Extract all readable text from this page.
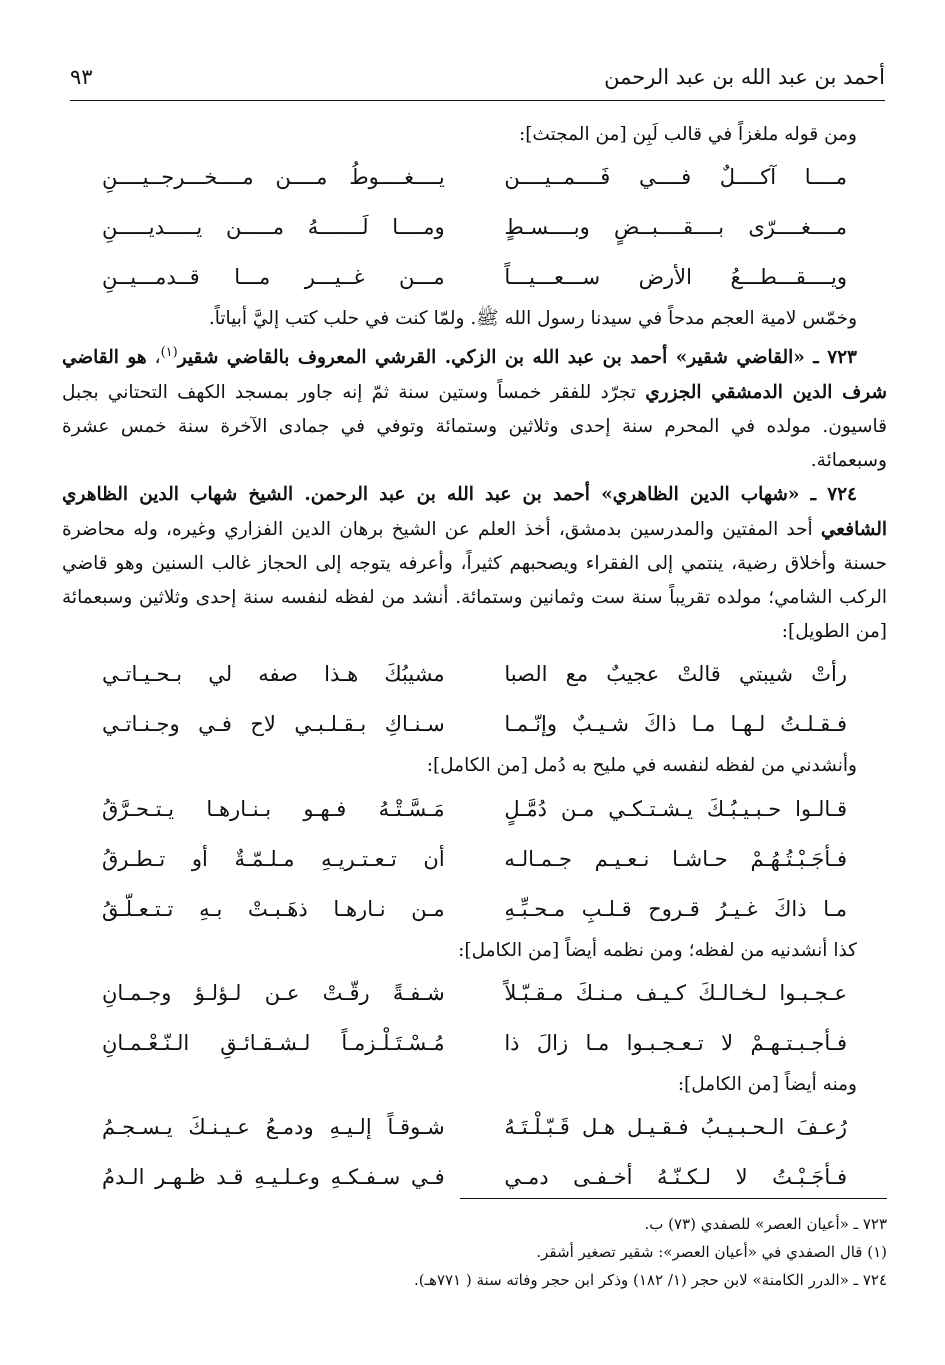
أحمد بن عبد الله بن عبد الرحمن
٩٣

ومن قوله ملغزاً في قالب لَبِن [من المجتث]:

مــــا آكــــلٌ فــــي فَــــمــيــــن
يــــغــــوطُ مــــن مــــخـــرجــيــــنِ
مــــغــــرّى بــــقــــبــضٍ وبــــسـطٍ
ومــــا لَـــــــهُ مـــــن يـــــديـــــنِ
ويــــقـــطـــعُ الأرض ســـعـــيـــاً
مـــن غــيـــر مـــا قــدمـــيــنِ

وخمّس لامية العجم مدحاً في سيدنا رسول الله ﷺ. ولمّا كنت في حلب كتب إليَّ أبياتاً.

٧٢٣ ـ «القاضي شقير» أحمد بن عبد الله بن الزكي. القرشي المعروف بالقاضي شقير$^{(١)}$، هو القاضي شرف الدين الدمشقي الجزري تجرّد للفقر خمساً وستين سنة ثمّ إنه جاور بمسجد الكهف التحتاني بجبل قاسيون. مولده في المحرم سنة إحدى وثلاثين وستمائة وتوفي في جمادى الآخرة سنة خمس عشرة وسبعمائة.

٧٢٤ ـ «شهاب الدين الظاهري» أحمد بن عبد الله بن عبد الرحمن. الشيخ شهاب الدين الظاهري الشافعي أحد المفتين والمدرسين بدمشق، أخذ العلم عن الشيخ برهان الدين الفزاري وغيره، وله محاضرة حسنة وأخلاق رضية، ينتمي إلى الفقراء ويصحبهم كثيراً، وأعرفه يتوجه إلى الحجاز غالب السنين وهو قاضي الركب الشامي؛ مولده تقريباً سنة ست وثمانين وستمائة. أنشد من لفظه لنفسه سنة إحدى وثلاثين وسبعمائة [من الطويل]:

رأتْ شيبتي قالتْ عجيبٌ مع الصبا
مشيبُكَ هـذا صفه لي بـحـيـاتـي
فـقـلـتُ لـهـا مـا ذاكَ شـيـبٌ وإنّـمـا
سـنـاكِ بـقـلـبـي لاح فـي وجـنـاتـي

وأنشدني من لفظه لنفسه في مليح به دُمل [من الكامل]:

قـالـوا حـبـيـبُـكَ يـشـتـكـي مـن دُمَّـلٍ
مَـسَّـتْـهُ فـهـو بـنـارهـا يـتـحـرَّقُ
فـأجَـبْـتُـهُـمْ حـاشـا نـعـيـم جـمـالـه
أن تـعـتـريـهِ مـلـمّـةٌ أو تـطـرقُ
مـا ذاكَ غـيـرُ قـروح قـلـبِ مـحـبِّـهِ
مـن نـارهـا ذهَـبـتْ بـهِ تـتـعـلّـقُ

كذا أنشدنيه من لفظه؛ ومن نظمه أيضاً [من الكامل]:

عـجـبـوا لـخـالـكَ كـيـف مـنـكَ مـقـبّـلاً
شـفـةً رقّـتْ عـن لـؤلـؤ وجـمـانِ
فـأجـبـتـهـمْ لا تـعـجـبـوا مـا زالَ ذا
مُـسْـتَـلْـزمـاً لـشـقـائـقِ الـنّـعْـمـانِ

ومنه أيضاً [من الكامل]:

رُعـفَ الـحـبـيـبُ فـقـيـل هـل قَـبّـلْـتَـهُ
شـوقـاً إلـيـهِ ودمـعُ عـيـنـكَ يـسـجـمُ
فـأجَـبْـتُ لا لـكـنّـهُ أخـفـى دمـي
فـي سـفـكـهِ وعـلـيـهِ قـد ظـهـر الـدمُ
٧٢٣ ـ «أعيان العصر» للصفدي (٧٣) ب.
(١) قال الصفدي في «أعيان العصر»: شقير تصغير أشقر.
٧٢٤ ـ «الدرر الكامنة» لابن حجر (١/ ١٨٢) وذكر ابن حجر وفاته سنة ( ٧٧١هـ).
